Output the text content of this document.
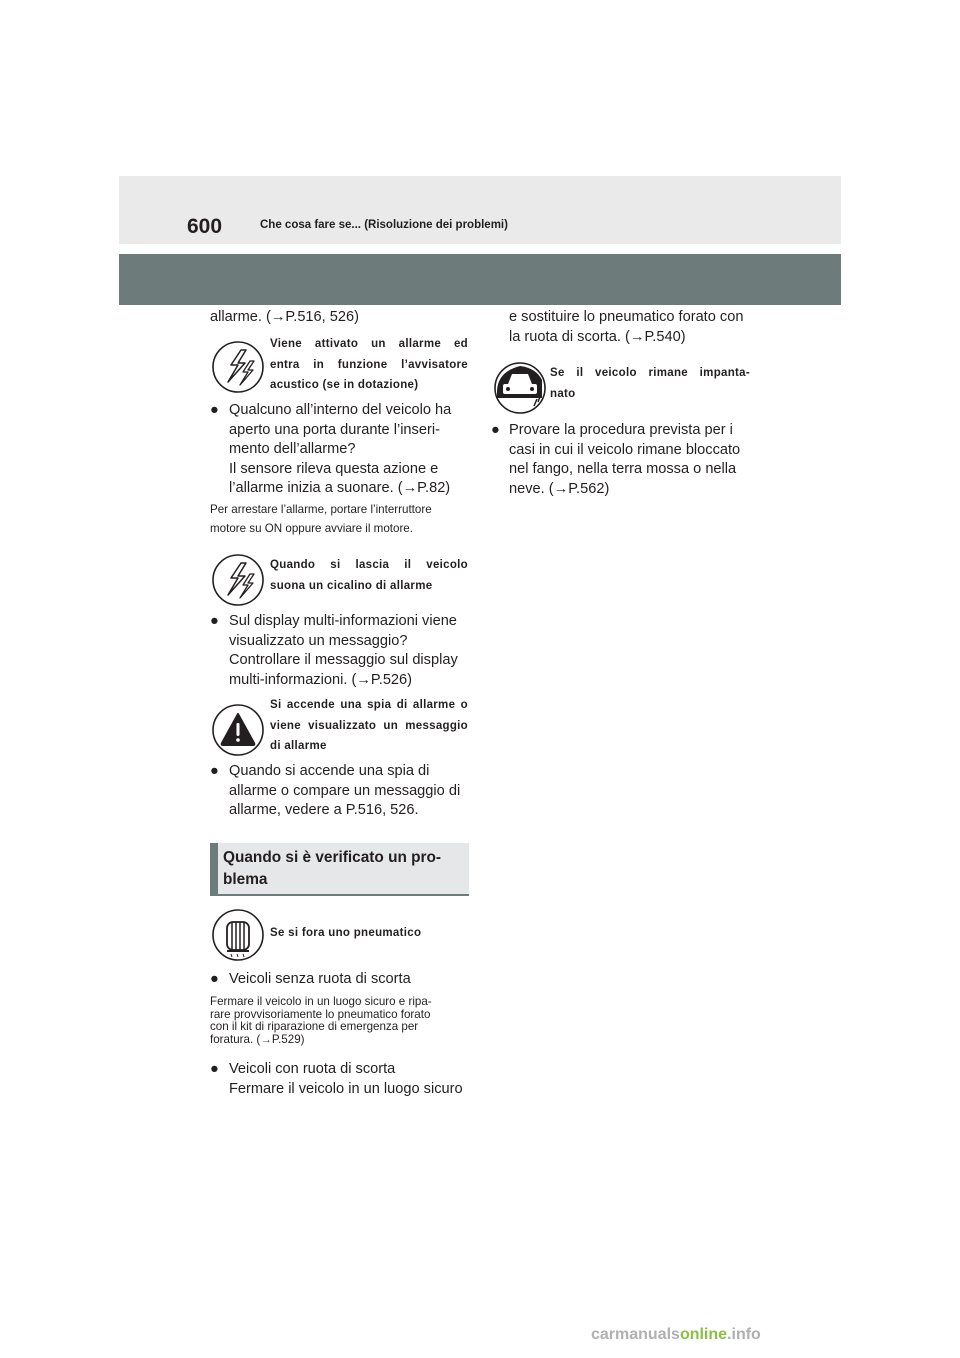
600	Che cosa fare se... (Risoluzione dei problemi)
allarme. (→P.516, 526)
Viene attivato un allarme ed
entra in funzione l’avvisatore
acustico (se in dotazione)
● Qualcuno all’interno del veicolo ha
aperto una porta durante l’inseri-
mento dell’allarme?
Il sensore rileva questa azione e
l’allarme inizia a suonare. (→P.82)
Per arrestare l’allarme, portare l’interruttore
motore su ON oppure avviare il motore.
Quando si lascia il veicolo
suona un cicalino di allarme
● Sul display multi-informazioni viene
visualizzato un messaggio?
Controllare il messaggio sul display
multi-informazioni. (→P.526)
Si accende una spia di allarme o
viene visualizzato un messaggio
di allarme
● Quando si accende una spia di
allarme o compare un messaggio di
allarme, vedere a P.516, 526.
Quando si è verificato un pro-
blema
Se si fora uno pneumatico
● Veicoli senza ruota di scorta
Fermare il veicolo in un luogo sicuro e ripa-
rare provvisoriamente lo pneumatico forato
con il kit di riparazione di emergenza per
foratura. (→P.529)
● Veicoli con ruota di scorta
Fermare il veicolo in un luogo sicuro
e sostituire lo pneumatico forato con
la ruota di scorta. (→P.540)
Se il veicolo rimane impanta-
nato
● Provare la procedura prevista per i
casi in cui il veicolo rimane bloccato
nel fango, nella terra mossa o nella
neve. (→P.562)
carmanualsonline.info
